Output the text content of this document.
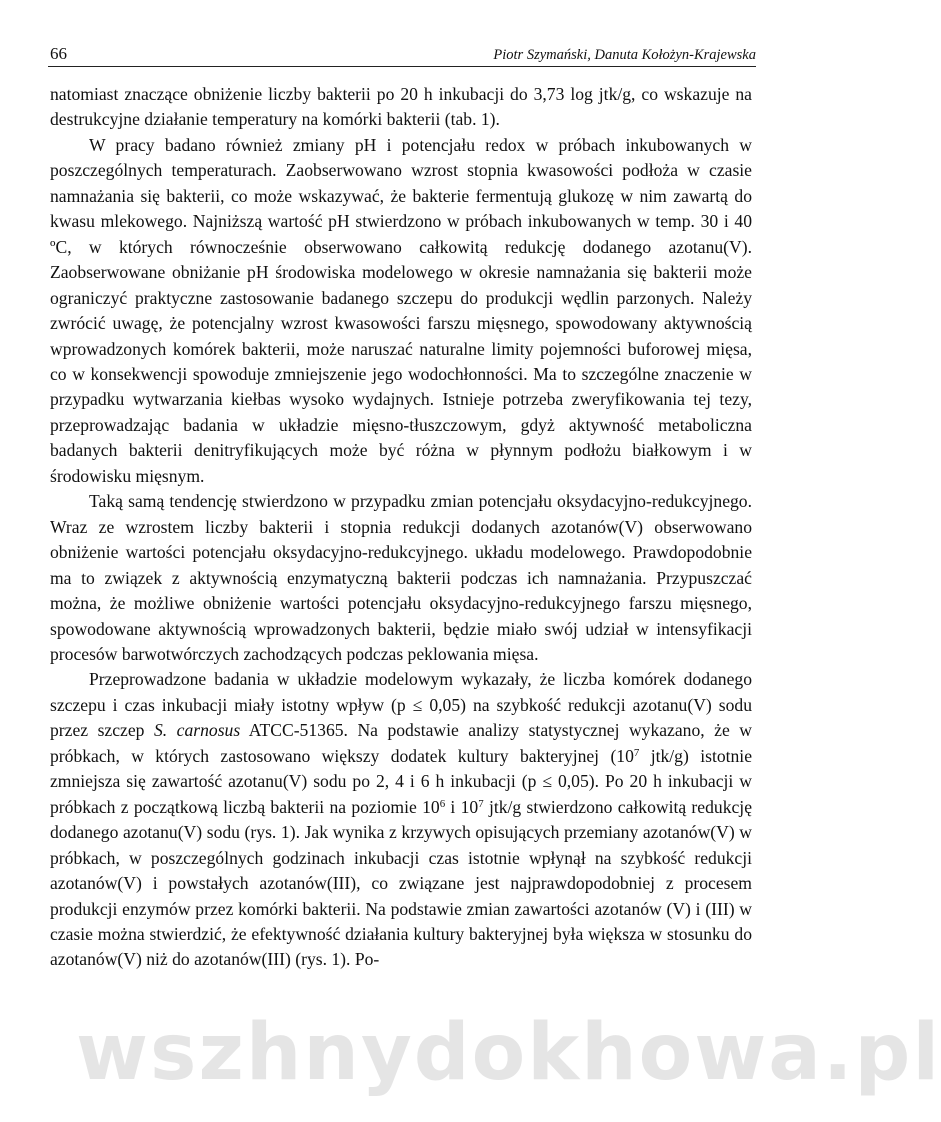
66	Piotr Szymański, Danuta Kołożyn-Krajewska

natomiast znaczące obniżenie liczby bakterii po 20 h inkubacji do 3,73 log jtk/g, co wskazuje na destrukcyjne działanie temperatury na komórki bakterii (tab. 1).

W pracy badano również zmiany pH i potencjału redox w próbach inkubowanych w poszczególnych temperaturach. Zaobserwowano wzrost stopnia kwasowości podłoża w czasie namnażania się bakterii, co może wskazywać, że bakterie fermentują glukozę w nim zawartą do kwasu mlekowego. Najniższą wartość pH stwierdzono w próbach inkubowanych w temp. 30 i 40 ºC, w których równocześnie obserwowano całkowitą redukcję dodanego azotanu(V). Zaobserwowane obniżanie pH środowiska modelowego w okresie namnażania się bakterii może ograniczyć praktyczne zastosowanie badanego szczepu do produkcji wędlin parzonych. Należy zwrócić uwagę, że potencjalny wzrost kwasowości farszu mięsnego, spowodowany aktywnością wprowadzonych komórek bakterii, może naruszać naturalne limity pojemności buforowej mięsa, co w konsekwencji spowoduje zmniejszenie jego wodochłonności. Ma to szczególne znaczenie w przypadku wytwarzania kiełbas wysoko wydajnych. Istnieje potrzeba zweryfikowania tej tezy, przeprowadzając badania w układzie mięsno-tłuszczowym, gdyż aktywność metaboliczna badanych bakterii denitryfikujących może być różna w płynnym podłożu białkowym i w środowisku mięsnym.

Taką samą tendencję stwierdzono w przypadku zmian potencjału oksydacyjno-redukcyjnego. Wraz ze wzrostem liczby bakterii i stopnia redukcji dodanych azotanów(V) obserwowano obniżenie wartości potencjału oksydacyjno-redukcyjnego. układu modelowego. Prawdopodobnie ma to związek z aktywnością enzymatyczną bakterii podczas ich namnażania. Przypuszczać można, że możliwe obniżenie wartości potencjału oksydacyjno-redukcyjnego farszu mięsnego, spowodowane aktywnością wprowadzonych bakterii, będzie miało swój udział w intensyfikacji procesów barwotwórczych zachodzących podczas peklowania mięsa.

Przeprowadzone badania w układzie modelowym wykazały, że liczba komórek dodanego szczepu i czas inkubacji miały istotny wpływ (p ≤ 0,05) na szybkość redukcji azotanu(V) sodu przez szczep S. carnosus ATCC-51365. Na podstawie analizy statystycznej wykazano, że w próbkach, w których zastosowano większy dodatek kultury bakteryjnej ($10^7$ jtk/g) istotnie zmniejsza się zawartość azotanu(V) sodu po 2, 4 i 6 h inkubacji (p ≤ 0,05). Po 20 h inkubacji w próbkach z początkową liczbą bakterii na poziomie $10^6$ i $10^7$ jtk/g stwierdzono całkowitą redukcję dodanego azotanu(V) sodu (rys. 1). Jak wynika z krzywych opisujących przemiany azotanów(V) w próbkach, w poszczególnych godzinach inkubacji czas istotnie wpłynął na szybkość redukcji azotanów(V) i powstałych azotanów(III), co związane jest najprawdopodobniej z procesem produkcji enzymów przez komórki bakterii. Na podstawie zmian zawartości azotanów (V) i (III) w czasie można stwierdzić, że efektywność działania kultury bakteryjnej była większa w stosunku do azotanów(V) niż do azotanów(III) (rys. 1). Po-

wszhnydokhowa.pl
